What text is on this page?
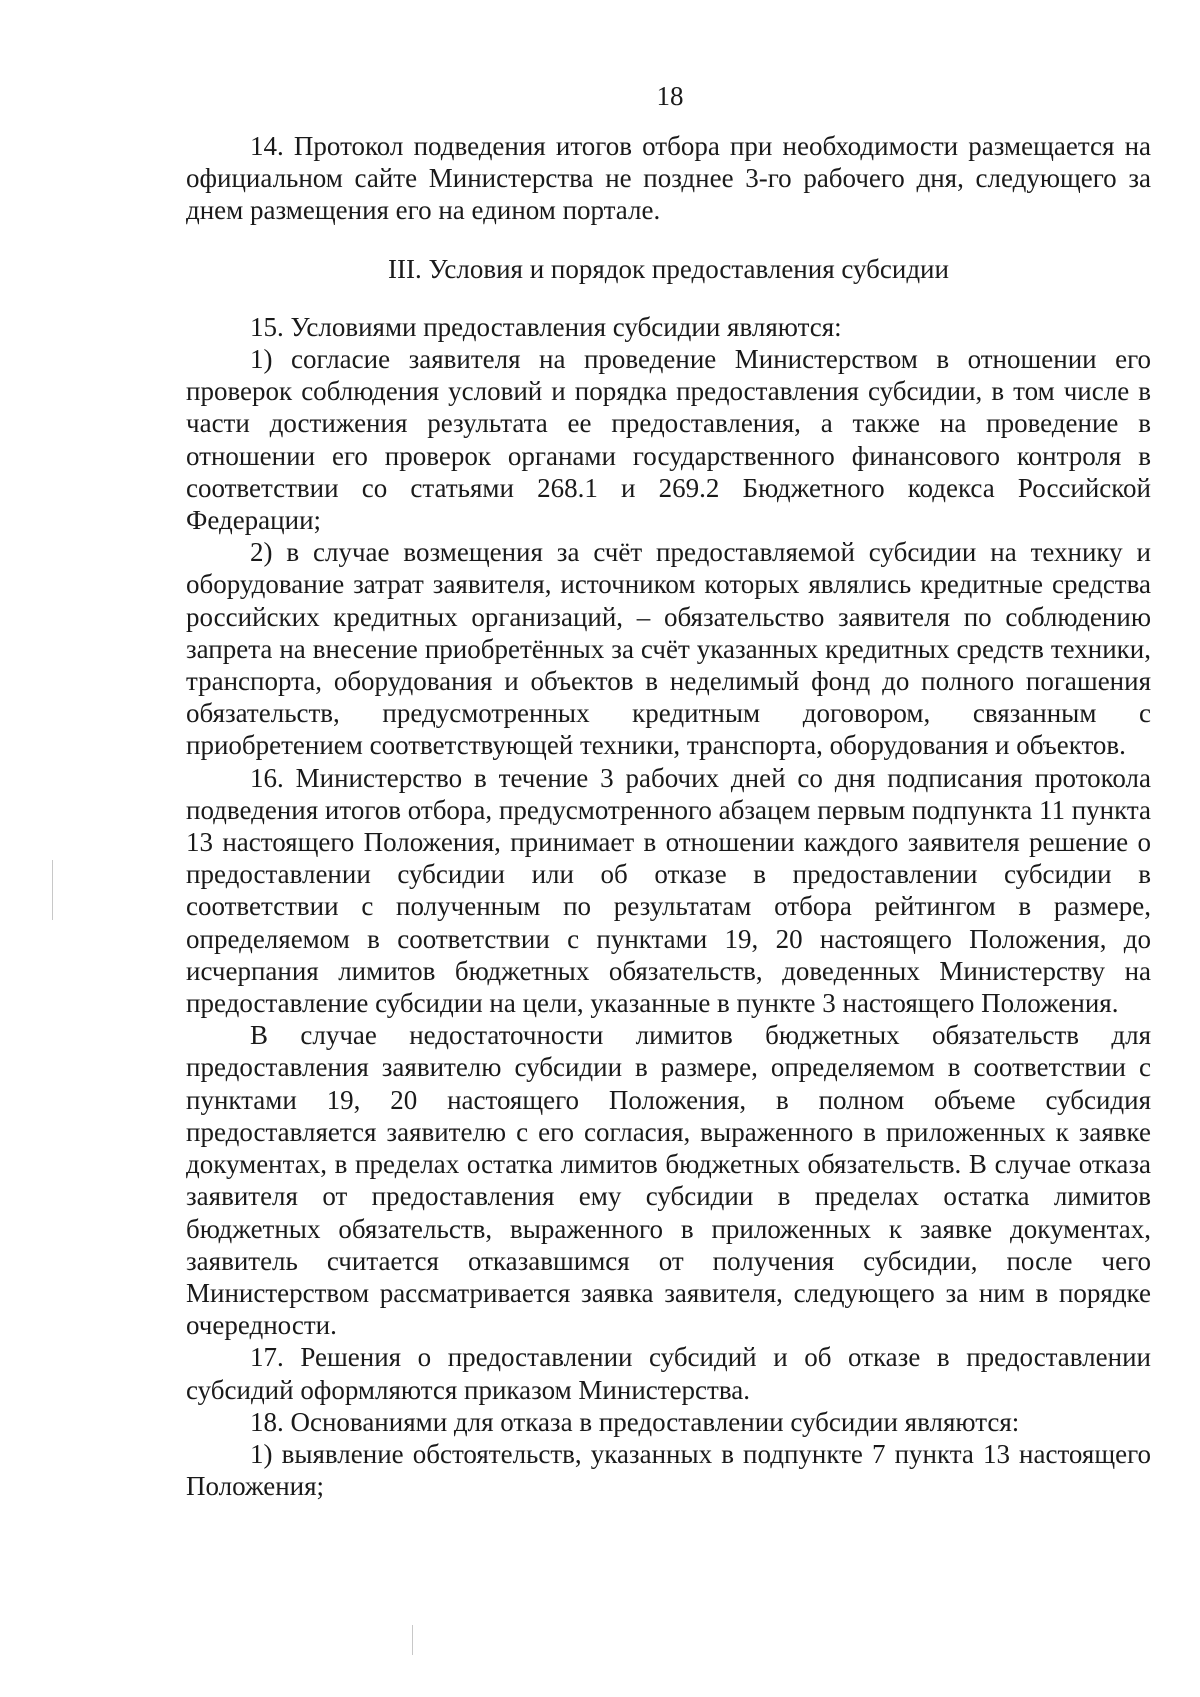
18

14. Протокол подведения итогов отбора при необходимости размещается на официальном сайте Министерства не позднее 3-го рабочего дня, следующего за днем размещения его на едином портале.

III. Условия и порядок предоставления субсидии

15. Условиями предоставления субсидии являются:

1) согласие заявителя на проведение Министерством в отношении его проверок соблюдения условий и порядка предоставления субсидии, в том числе в части достижения результата ее предоставления, а также на проведение в отношении его проверок органами государственного финансового контроля в соответствии со статьями 268.1 и 269.2 Бюджетного кодекса Российской Федерации;

2) в случае возмещения за счёт предоставляемой субсидии на технику и оборудование затрат заявителя, источником которых являлись кредитные средства российских кредитных организаций, – обязательство заявителя по соблюдению запрета на внесение приобретённых за счёт указанных кредитных средств техники, транспорта, оборудования и объектов в неделимый фонд до полного погашения обязательств, предусмотренных кредитным договором, связанным с приобретением соответствующей техники, транспорта, оборудования и объектов.

16. Министерство в течение 3 рабочих дней со дня подписания протокола подведения итогов отбора, предусмотренного абзацем первым подпункта 11 пункта 13 настоящего Положения, принимает в отношении каждого заявителя решение о предоставлении субсидии или об отказе в предоставлении субсидии в соответствии с полученным по результатам отбора рейтингом в размере, определяемом в соответствии с пунктами 19, 20 настоящего Положения, до исчерпания лимитов бюджетных обязательств, доведенных Министерству на предоставление субсидии на цели, указанные в пункте 3 настоящего Положения.

В случае недостаточности лимитов бюджетных обязательств для предоставления заявителю субсидии в размере, определяемом в соответствии с пунктами 19, 20 настоящего Положения, в полном объеме субсидия предоставляется заявителю с его согласия, выраженного в приложенных к заявке документах, в пределах остатка лимитов бюджетных обязательств. В случае отказа заявителя от предоставления ему субсидии в пределах остатка лимитов бюджетных обязательств, выраженного в приложенных к заявке документах, заявитель считается отказавшимся от получения субсидии, после чего Министерством рассматривается заявка заявителя, следующего за ним в порядке очередности.

17. Решения о предоставлении субсидий и об отказе в предоставлении субсидий оформляются приказом Министерства.

18. Основаниями для отказа в предоставлении субсидии являются:

1) выявление обстоятельств, указанных в подпункте 7 пункта 13 настоящего Положения;
